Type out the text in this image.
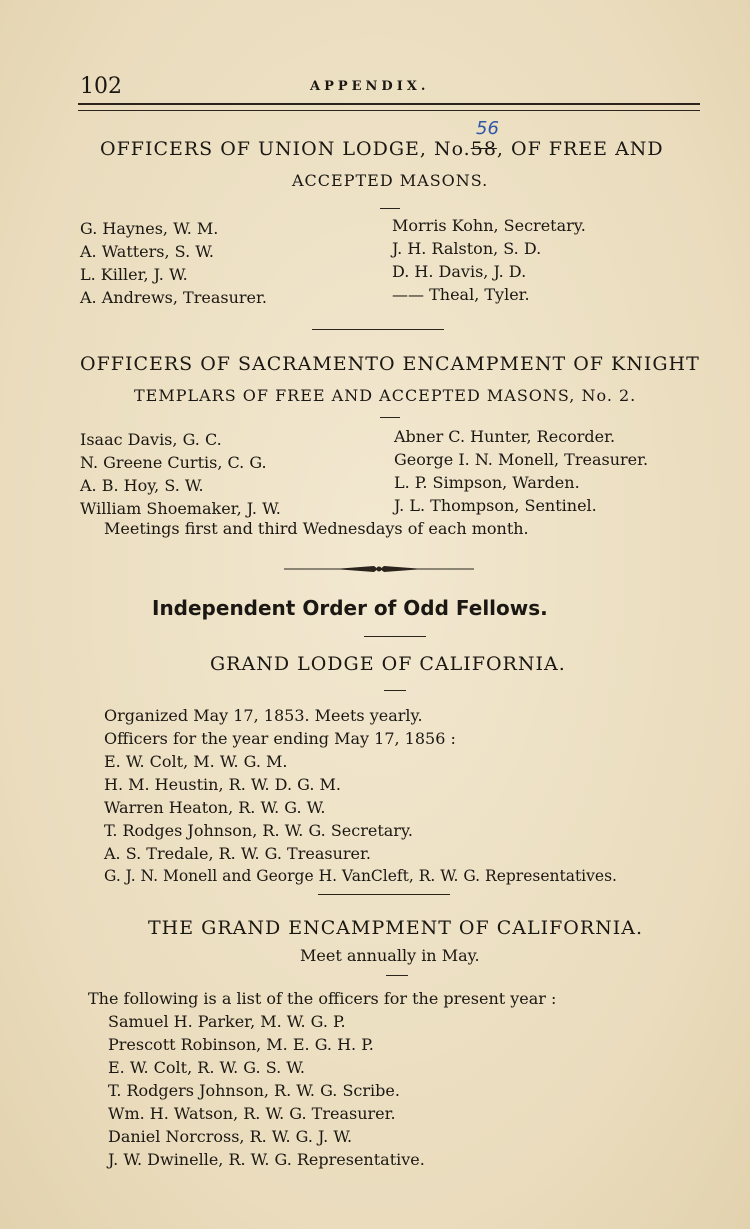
102	APPENDIX.
OFFICERS OF UNION LODGE, No.58, OF FREE AND
56
ACCEPTED MASONS.
G. Haynes, W. M.
A. Watters, S. W.
L. Killer, J. W.
A. Andrews, Treasurer.
Morris Kohn, Secretary.
J. H. Ralston, S. D.
D. H. Davis, J. D.
—— Theal, Tyler.
OFFICERS OF SACRAMENTO ENCAMPMENT OF KNIGHT
TEMPLARS OF FREE AND ACCEPTED MASONS, No. 2.
Isaac Davis, G. C.
N. Greene Curtis, C. G.
A. B. Hoy, S. W.
William Shoemaker, J. W.
Abner C. Hunter, Recorder.
George I. N. Monell, Treasurer.
L. P. Simpson, Warden.
J. L. Thompson, Sentinel.
Meetings first and third Wednesdays of each month.
Independent Order of Odd Fellows.
GRAND LODGE OF CALIFORNIA.
Organized May 17, 1853. Meets yearly.
Officers for the year ending May 17, 1856 :
E. W. Colt, M. W. G. M.
H. M. Heustin, R. W. D. G. M.
Warren Heaton, R. W. G. W.
T. Rodges Johnson, R. W. G. Secretary.
A. S. Tredale, R. W. G. Treasurer.
G. J. N. Monell and George H. VanCleft, R. W. G. Representatives.
THE GRAND ENCAMPMENT OF CALIFORNIA.
Meet annually in May.
The following is a list of the officers for the present year :
Samuel H. Parker, M. W. G. P.
Prescott Robinson, M. E. G. H. P.
E. W. Colt, R. W. G. S. W.
T. Rodgers Johnson, R. W. G. Scribe.
Wm. H. Watson, R. W. G. Treasurer.
Daniel Norcross, R. W. G. J. W.
J. W. Dwinelle, R. W. G. Representative.
